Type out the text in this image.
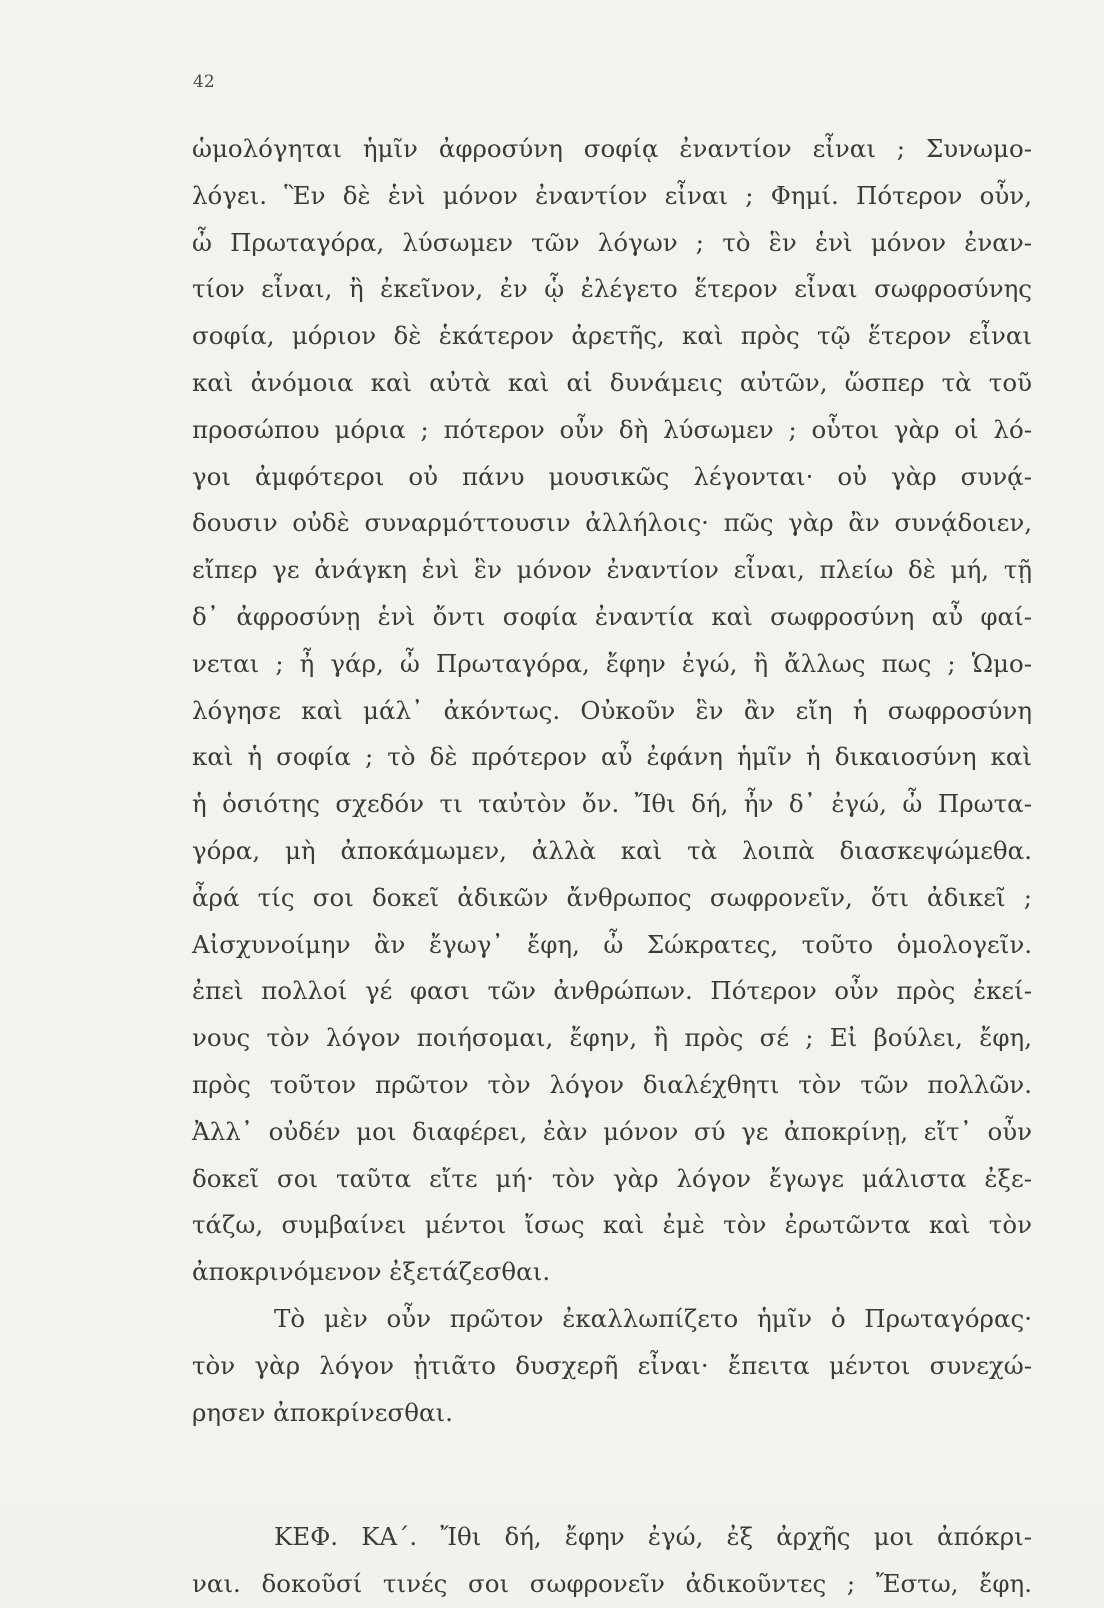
42
ὡμολόγηται ἡμῖν ἀφροσύνη σοφίᾳ ἐναντίον εἶναι ; Συνωμο-
λόγει. Ἓν δὲ ἑνὶ μόνον ἐναντίον εἶναι ; Φημί. Πότερον οὖν,
ὦ Πρωταγόρα, λύσωμεν τῶν λόγων ; τὸ ἓν ἑνὶ μόνον ἐναν-
τίον εἶναι, ἢ ἐκεῖνον, ἐν ᾧ ἐλέγετο ἕτερον εἶναι σωφροσύνης
σοφία, μόριον δὲ ἑκάτερον ἀρετῆς, καὶ πρὸς τῷ ἕτερον εἶναι
καὶ ἀνόμοια καὶ αὐτὰ καὶ αἱ δυνάμεις αὐτῶν, ὥσπερ τὰ τοῦ
προσώπου μόρια ; πότερον οὖν δὴ λύσωμεν ; οὗτοι γὰρ οἱ λό-
γοι ἀμφότεροι οὐ πάνυ μουσικῶς λέγονται· οὐ γὰρ συνᾴ-
δουσιν οὐδὲ συναρμόττουσιν ἀλλήλοις· πῶς γὰρ ἂν συνᾴδοιεν,
εἴπερ γε ἀνάγκη ἑνὶ ἓν μόνον ἐναντίον εἶναι, πλείω δὲ μή, τῇ
δ᾽ ἀφροσύνῃ ἑνὶ ὄντι σοφία ἐναντία καὶ σωφροσύνη αὖ φαί-
νεται ; ἦ γάρ, ὦ Πρωταγόρα, ἔφην ἐγώ, ἢ ἄλλως πως ; Ὡμο-
λόγησε καὶ μάλ᾽ ἀκόντως. Οὐκοῦν ἓν ἂν εἴη ἡ σωφροσύνη
καὶ ἡ σοφία ; τὸ δὲ πρότερον αὖ ἐφάνη ἡμῖν ἡ δικαιοσύνη καὶ
ἡ ὁσιότης σχεδόν τι ταὐτὸν ὄν. Ἴθι δή, ἦν δ᾽ ἐγώ, ὦ Πρωτα-
γόρα, μὴ ἀποκάμωμεν, ἀλλὰ καὶ τὰ λοιπὰ διασκεψώμεθα.
ἆρά τίς σοι δοκεῖ ἀδικῶν ἄνθρωπος σωφρονεῖν, ὅτι ἀδικεῖ ;
Αἰσχυνοίμην ἂν ἔγωγ᾽ ἔφη, ὦ Σώκρατες, τοῦτο ὁμολογεῖν.
ἐπεὶ πολλοί γέ φασι τῶν ἀνθρώπων. Πότερον οὖν πρὸς ἐκεί-
νους τὸν λόγον ποιήσομαι, ἔφην, ἢ πρὸς σέ ; Εἰ βούλει, ἔφη,
πρὸς τοῦτον πρῶτον τὸν λόγον διαλέχθητι τὸν τῶν πολλῶν.
Ἀλλ᾽ οὐδέν μοι διαφέρει, ἐὰν μόνον σύ γε ἀποκρίνῃ, εἴτ᾽ οὖν
δοκεῖ σοι ταῦτα εἴτε μή· τὸν γὰρ λόγον ἔγωγε μάλιστα ἐξε-
τάζω, συμβαίνει μέντοι ἴσως καὶ ἐμὲ τὸν ἐρωτῶντα καὶ τὸν
ἀποκρινόμενον ἐξετάζεσθαι.
Τὸ μὲν οὖν πρῶτον ἐκαλλωπίζετο ἡμῖν ὁ Πρωταγόρας·
τὸν γὰρ λόγον ᾐτιᾶτο δυσχερῆ εἶναι· ἔπειτα μέντοι συνεχώ-
ρησεν ἀποκρίνεσθαι.
ΚΕΦ. ΚΑ΄. Ἴθι δή, ἔφην ἐγώ, ἐξ ἀρχῆς μοι ἀπόκρι-
ναι. δοκοῦσί τινές σοι σωφρονεῖν ἀδικοῦντες ; Ἔστω, ἔφη.
